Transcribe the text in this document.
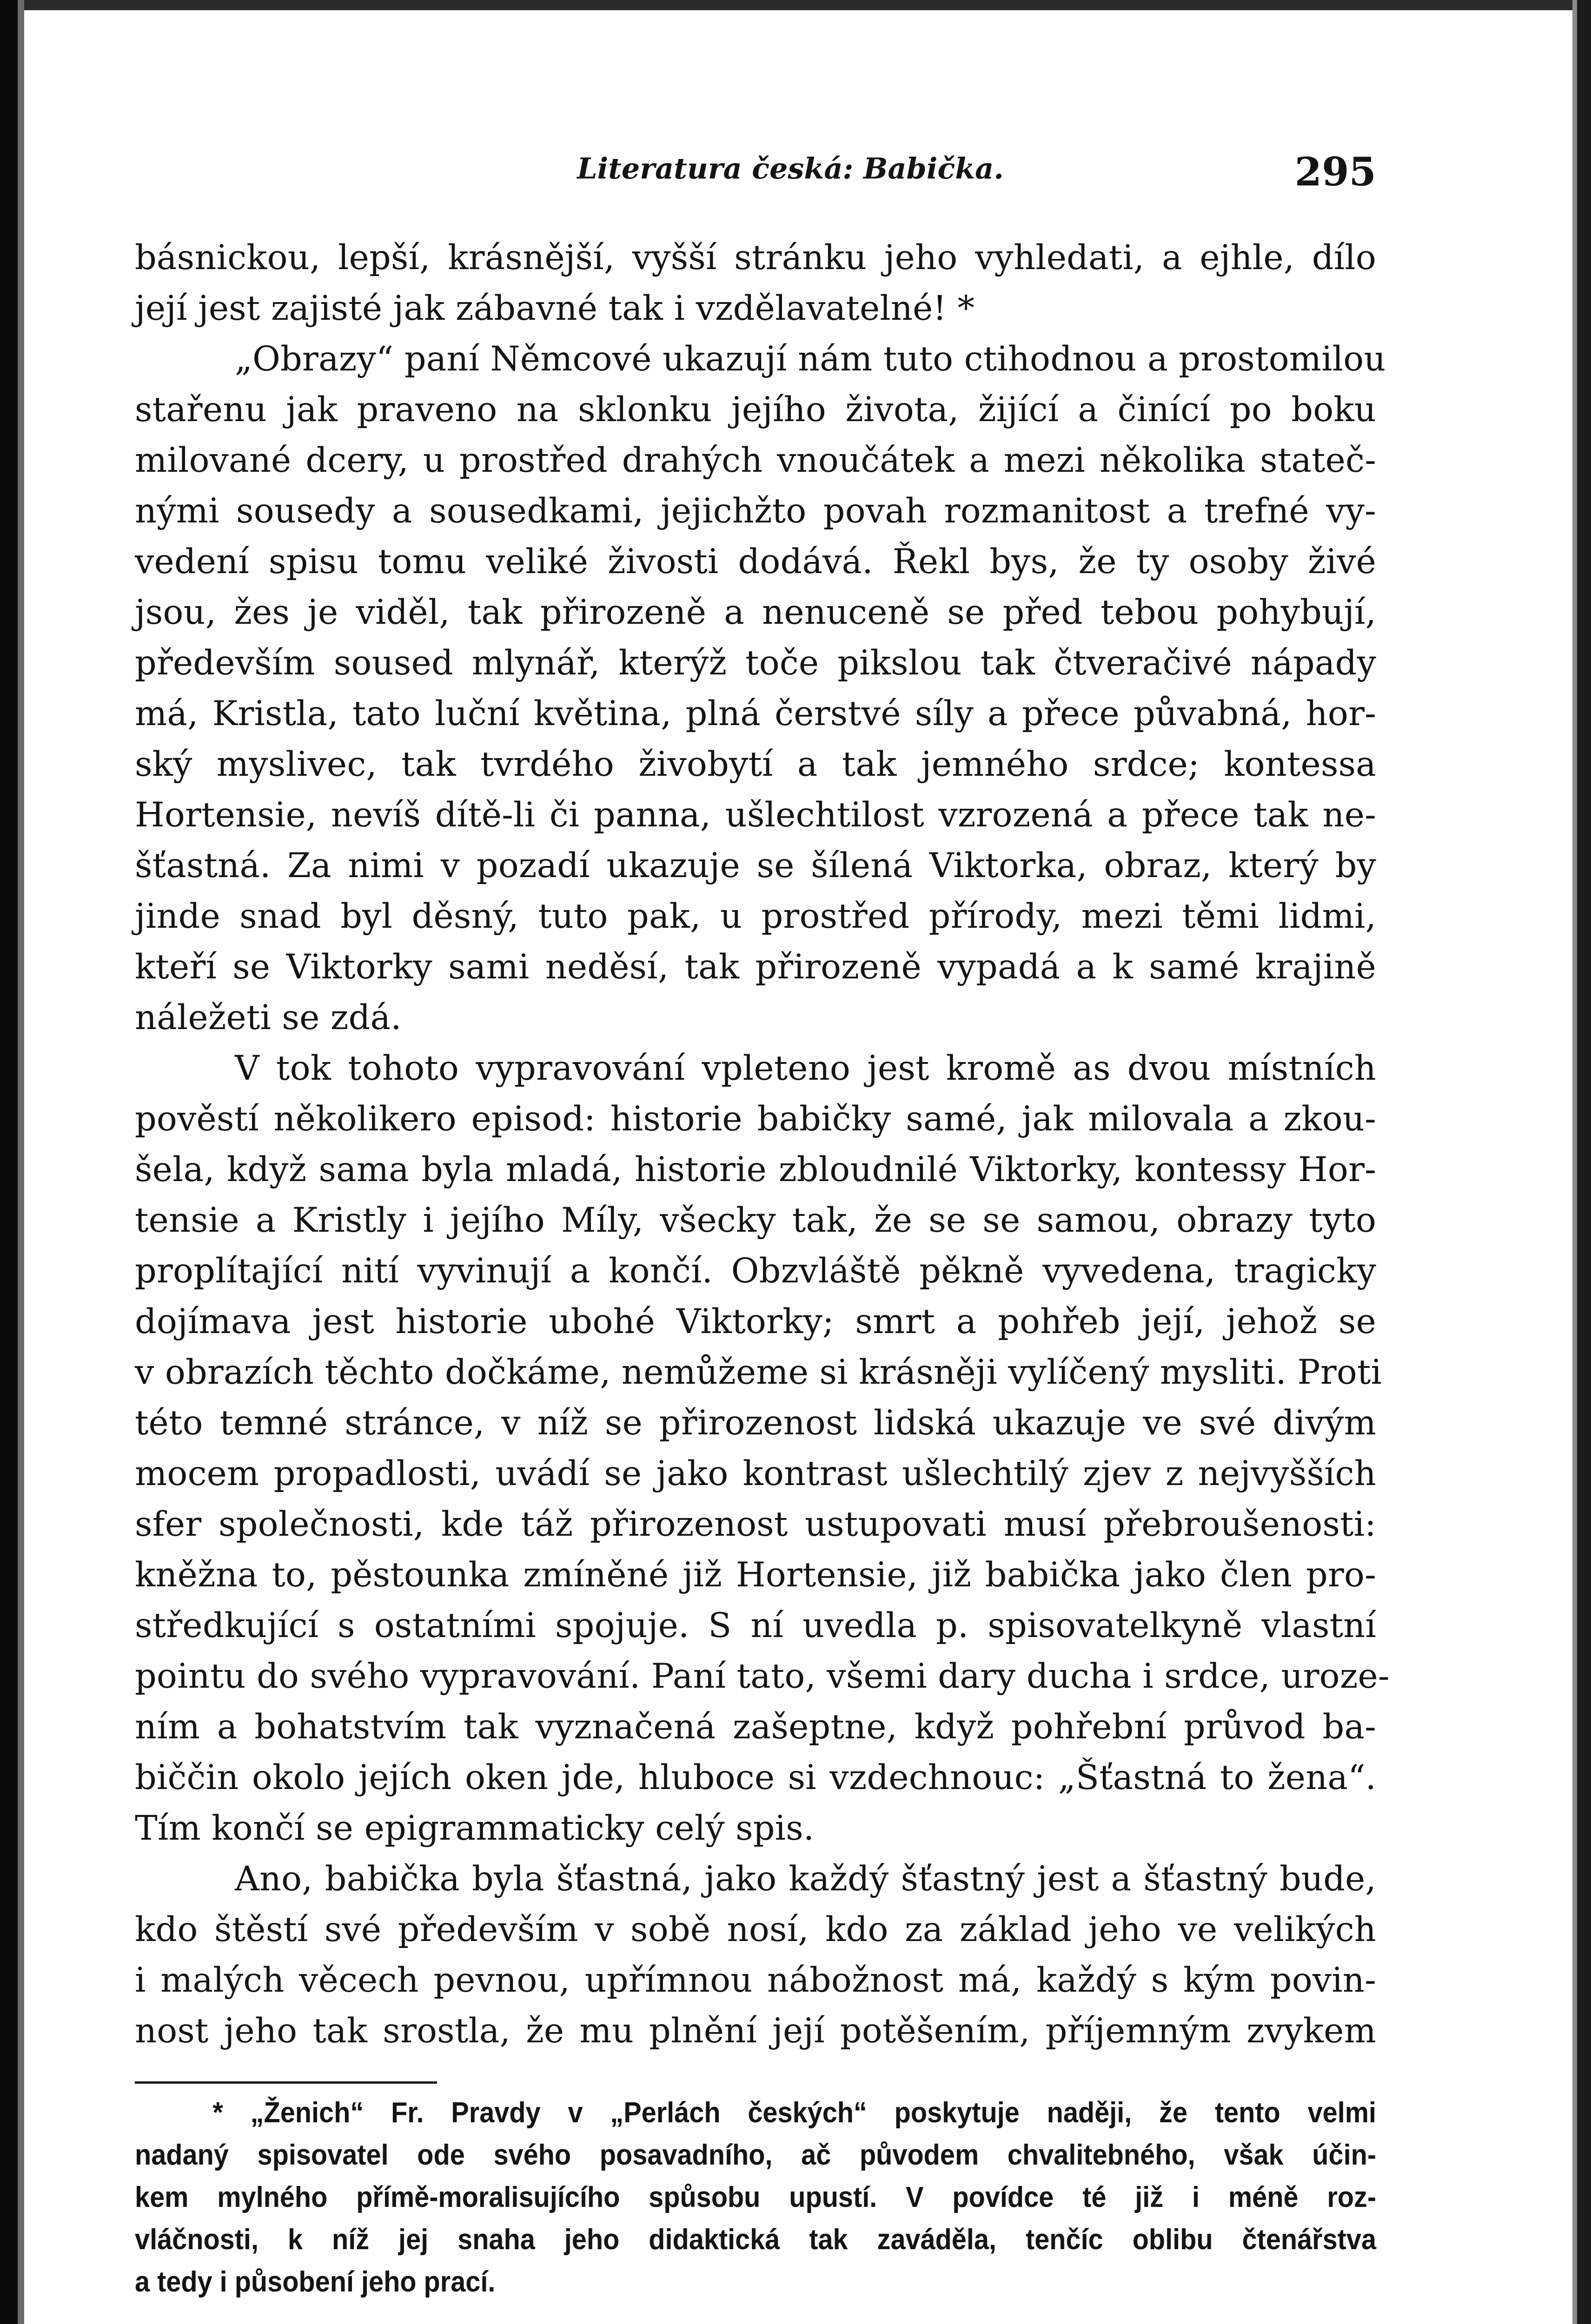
Literatura česká: Babička.	295
básnickou, lepší, krásnější, vyšší stránku jeho vyhledati, a ejhle, dílo
její jest zajisté jak zábavné tak i vzdělavatelné! *
„Obrazy“ paní Němcové ukazují nám tuto ctihodnou a prostomilou
stařenu jak praveno na sklonku jejího života, žijící a činící po boku
milované dcery, u prostřed drahých vnoučátek a mezi několika stateč-
nými sousedy a sousedkami, jejichžto povah rozmanitost a trefné vy-
vedení spisu tomu veliké živosti dodává. Řekl bys, že ty osoby živé
jsou, žes je viděl, tak přirozeně a nenuceně se před tebou pohybují,
především soused mlynář, kterýž toče pikslou tak čtveračivé nápady
má, Kristla, tato luční květina, plná čerstvé síly a přece půvabná, hor-
ský myslivec, tak tvrdého živobytí a tak jemného srdce; kontessa
Hortensie, nevíš dítě-li či panna, ušlechtilost vzrozená a přece tak ne-
šťastná. Za nimi v pozadí ukazuje se šílená Viktorka, obraz, který by
jinde snad byl děsný, tuto pak, u prostřed přírody, mezi těmi lidmi,
kteří se Viktorky sami neděsí, tak přirozeně vypadá a k samé krajině
náležeti se zdá.
V tok tohoto vypravování vpleteno jest kromě as dvou místních
pověstí několikero episod: historie babičky samé, jak milovala a zkou-
šela, když sama byla mladá, historie zbloudnilé Viktorky, kontessy Hor-
tensie a Kristly i jejího Míly, všecky tak, že se se samou, obrazy tyto
proplítající nití vyvinují a končí. Obzvláště pěkně vyvedena, tragicky
dojímava jest historie ubohé Viktorky; smrt a pohřeb její, jehož se
v obrazích těchto dočkáme, nemůžeme si krásněji vylíčený mysliti. Proti
této temné stránce, v níž se přirozenost lidská ukazuje ve své divým
mocem propadlosti, uvádí se jako kontrast ušlechtilý zjev z nejvyšších
sfer společnosti, kde táž přirozenost ustupovati musí přebroušenosti:
kněžna to, pěstounka zmíněné již Hortensie, již babička jako člen pro-
středkující s ostatními spojuje. S ní uvedla p. spisovatelkyně vlastní
pointu do svého vypravování. Paní tato, všemi dary ducha i srdce, uroze-
ním a bohatstvím tak vyznačená zašeptne, když pohřební průvod ba-
biččin okolo jejích oken jde, hluboce si vzdechnouc: „Šťastná to žena“.
Tím končí se epigrammaticky celý spis.
Ano, babička byla šťastná, jako každý šťastný jest a šťastný bude,
kdo štěstí své především v sobě nosí, kdo za základ jeho ve velikých
i malých věcech pevnou, upřímnou nábožnost má, každý s kým povin-
nost jeho tak srostla, že mu plnění její potěšením, příjemným zvykem
* „Ženich“ Fr. Pravdy v „Perlách českých“ poskytuje naději, že tento velmi
nadaný spisovatel ode svého posavadního, ač původem chvalitebného, však účin-
kem mylného přímě-moralisujícího spůsobu upustí. V povídce té již i méně roz-
vláčnosti, k níž jej snaha jeho didaktická tak zaváděla, tenčíc oblibu čtenářstva
a tedy i působení jeho prací.
